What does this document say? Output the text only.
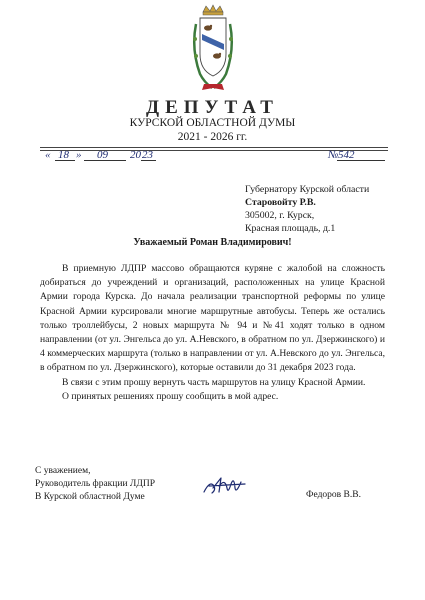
ДЕПУТАТ
КУРСКОЙ ОБЛАСТНОЙ ДУМЫ
2021 - 2026 гг.
« 18 » 09 20 23	№ 542
Губернатору Курской области
Старовойту Р.В.
305002, г. Курск,
Красная площадь, д.1
Уважаемый Роман Владимирович!

В приемную ЛДПР массово обращаются куряне с жалобой на сложность добираться до учреждений и организаций, расположенных на улице Красной Армии города Курска. До начала реализации транспортной реформы по улице Красной Армии курсировали многие маршрутные автобусы. Теперь же остались только троллейбусы, 2 новых маршрута № 94 и №41 ходят только в одном направлении (от ул. Энгельса до ул. А.Невского, в обратном по ул. Дзержинского) и 4 коммерческих маршрута (только в направлении от ул. А.Невского до ул. Энгельса, в обратном по ул. Дзержинского), которые оставили до 31 декабря 2023 года.

В связи с этим прошу вернуть часть маршрутов на улицу Красной Армии.

О принятых решениях прошу сообщить в мой адрес.

С уважением,
Руководитель фракции ЛДПР
В Курской областной Думе	Федоров В.В.
